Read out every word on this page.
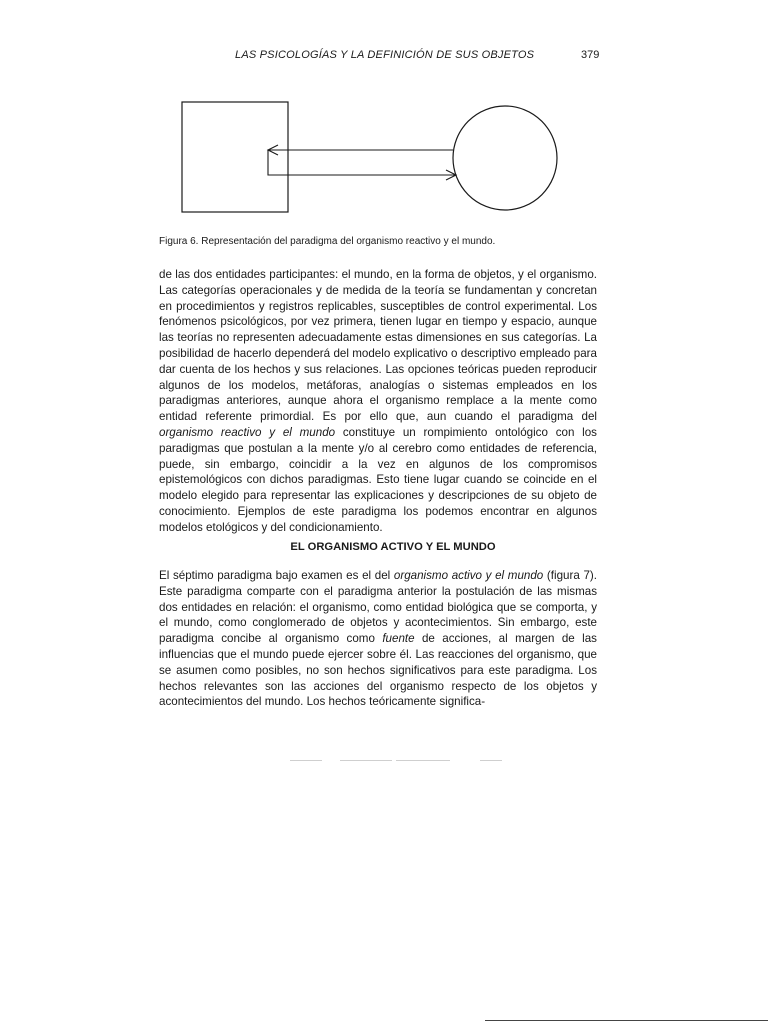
LAS PSICOLOGÍAS Y LA DEFINICIÓN DE SUS OBJETOS	379
Figura 6. Representación del paradigma del organismo reactivo y el mundo.

de las dos entidades participantes: el mundo, en la forma de objetos, y el organismo. Las categorías operacionales y de medida de la teoría se fundamentan y concretan en procedimientos y registros replicables, susceptibles de control experimental. Los fenómenos psicológicos, por vez primera, tienen lugar en tiempo y espacio, aunque las teorías no representen adecuadamente estas dimensiones en sus categorías. La posibilidad de hacerlo dependerá del modelo explicativo o descriptivo empleado para dar cuenta de los hechos y sus relaciones. Las opciones teóricas pueden reproducir algunos de los modelos, metáforas, analogías o sistemas empleados en los paradigmas anteriores, aunque ahora el organismo remplace a la mente como entidad referente primordial. Es por ello que, aun cuando el paradigma del organismo reactivo y el mundo constituye un rompimiento ontológico con los paradigmas que postulan a la mente y/o al cerebro como entidades de referencia, puede, sin embargo, coincidir a la vez en algunos de los compromisos epistemológicos con dichos paradigmas. Esto tiene lugar cuando se coincide en el modelo elegido para representar las explicaciones y descripciones de su objeto de conocimiento. Ejemplos de este paradigma los podemos encontrar en algunos modelos etológicos y del condicionamiento.

EL ORGANISMO ACTIVO Y EL MUNDO

El séptimo paradigma bajo examen es el del organismo activo y el mundo (figura 7). Este paradigma comparte con el paradigma anterior la postulación de las mismas dos entidades en relación: el organismo, como entidad biológica que se comporta, y el mundo, como conglomerado de objetos y acontecimientos. Sin embargo, este paradigma concibe al organismo como fuente de acciones, al margen de las influencias que el mundo puede ejercer sobre él. Las reacciones del organismo, que se asumen como posibles, no son hechos significativos para este paradigma. Los hechos relevantes son las acciones del organismo respecto de los objetos y acontecimientos del mundo. Los hechos teóricamente significa-
